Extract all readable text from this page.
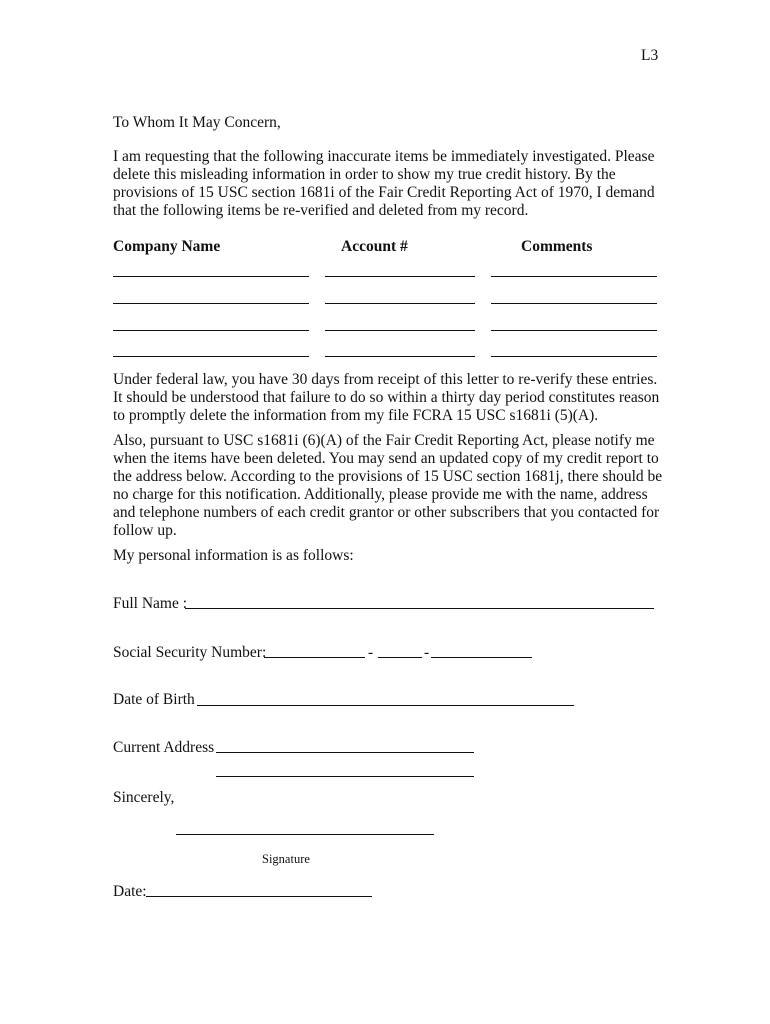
L3
To Whom It May Concern,
I am requesting that the following inaccurate items be immediately investigated. Please
delete this misleading information in order to show my true credit history. By the
provisions of 15 USC section 1681i of the Fair Credit Reporting Act of 1970, I demand
that the following items be re-verified and deleted from my record.
Company Name	Account #	Comments
Under federal law, you have 30 days from receipt of this letter to re-verify these entries.
It should be understood that failure to do so within a thirty day period constitutes reason
to promptly delete the information from my file FCRA 15 USC s1681i (5)(A).
Also, pursuant to USC s1681i (6)(A) of the Fair Credit Reporting Act, please notify me
when the items have been deleted. You may send an updated copy of my credit report to
the address below. According to the provisions of 15 USC section 1681j, there should be
no charge for this notification. Additionally, please provide me with the name, address
and telephone numbers of each credit grantor or other subscribers that you contacted for
follow up.
My personal information is as follows:
Full Name :
Social Security Number:	-	-
Date of Birth
Current Address
Sincerely,
Signature
Date:
